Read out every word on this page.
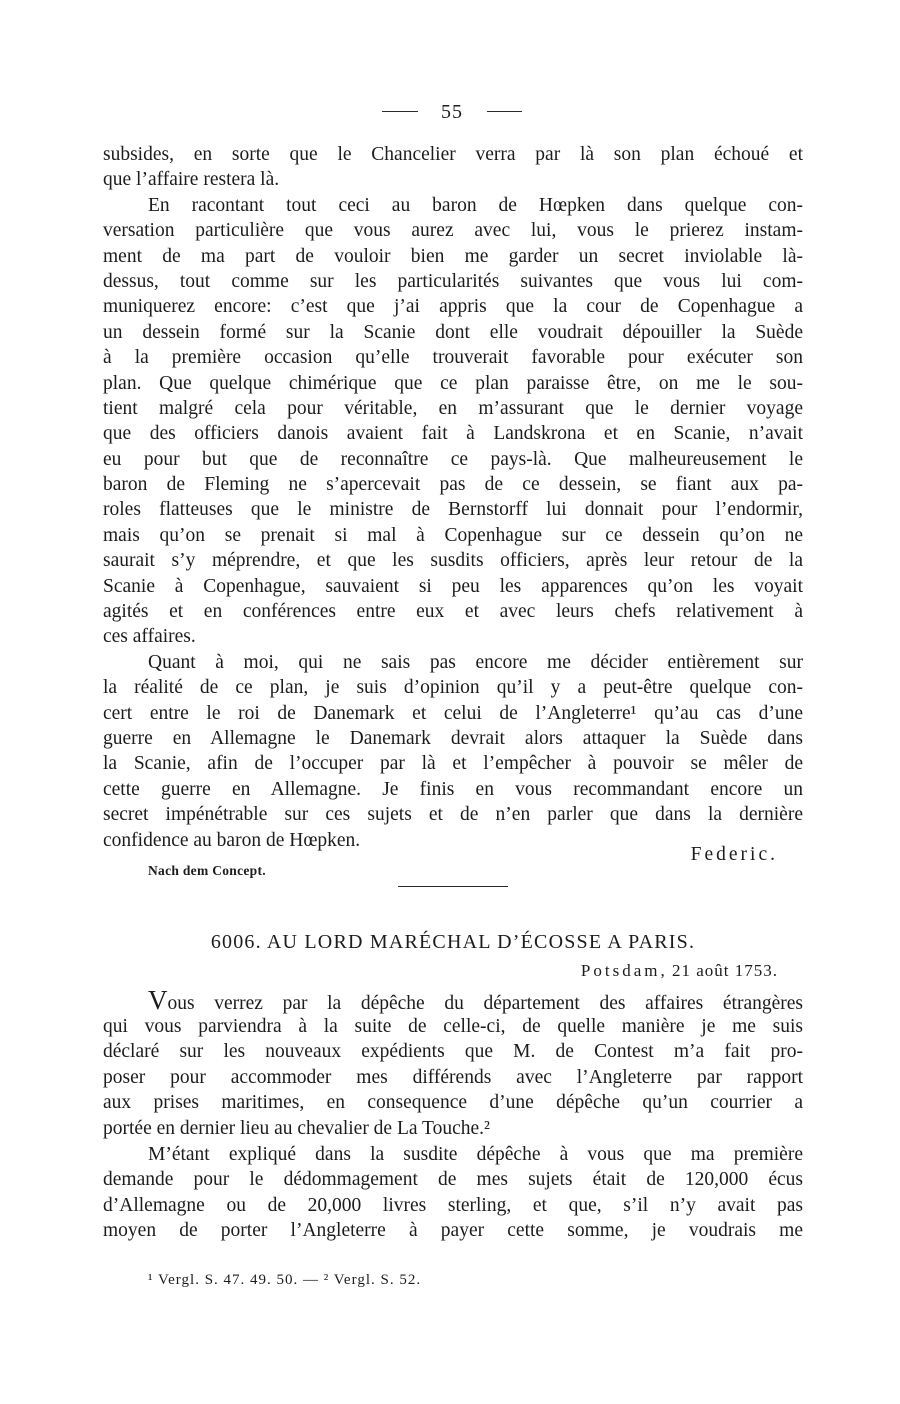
55
subsides, en sorte que le Chancelier verra par là son plan échoué et
que l’affaire restera là.
En racontant tout ceci au baron de Hœpken dans quelque con-
versation particulière que vous aurez avec lui, vous le prierez instam-
ment de ma part de vouloir bien me garder un secret inviolable là-
dessus, tout comme sur les particularités suivantes que vous lui com-
muniquerez encore: c’est que j’ai appris que la cour de Copenhague a
un dessein formé sur la Scanie dont elle voudrait dépouiller la Suède
à la première occasion qu’elle trouverait favorable pour exécuter son
plan. Que quelque chimérique que ce plan paraisse être, on me le sou-
tient malgré cela pour véritable, en m’assurant que le dernier voyage
que des officiers danois avaient fait à Landskrona et en Scanie, n’avait
eu pour but que de reconnaître ce pays-là. Que malheureusement le
baron de Fleming ne s’apercevait pas de ce dessein, se fiant aux pa-
roles flatteuses que le ministre de Bernstorff lui donnait pour l’endormir,
mais qu’on se prenait si mal à Copenhague sur ce dessein qu’on ne
saurait s’y méprendre, et que les susdits officiers, après leur retour de la
Scanie à Copenhague, sauvaient si peu les apparences qu’on les voyait
agités et en conférences entre eux et avec leurs chefs relativement à
ces affaires.
Quant à moi, qui ne sais pas encore me décider entièrement sur
la réalité de ce plan, je suis d’opinion qu’il y a peut-être quelque con-
cert entre le roi de Danemark et celui de l’Angleterre¹ qu’au cas d’une
guerre en Allemagne le Danemark devrait alors attaquer la Suède dans
la Scanie, afin de l’occuper par là et l’empêcher à pouvoir se mêler de
cette guerre en Allemagne. Je finis en vous recommandant encore un
secret impénétrable sur ces sujets et de n’en parler que dans la dernière
confidence au baron de Hœpken.
Federic.
Nach dem Concept.
6006. AU LORD MARÉCHAL D’ÉCOSSE A PARIS.
Potsdam, 21 août 1753.
Vous verrez par la dépêche du département des affaires étrangères
qui vous parviendra à la suite de celle-ci, de quelle manière je me suis
déclaré sur les nouveaux expédients que M. de Contest m’a fait pro-
poser pour accommoder mes différends avec l’Angleterre par rapport
aux prises maritimes, en consequence d’une dépêche qu’un courrier a
portée en dernier lieu au chevalier de La Touche.²
M’étant expliqué dans la susdite dépêche à vous que ma première
demande pour le dédommagement de mes sujets était de 120,000 écus
d’Allemagne ou de 20,000 livres sterling, et que, s’il n’y avait pas
moyen de porter l’Angleterre à payer cette somme, je voudrais me
¹ Vergl. S. 47. 49. 50. — ² Vergl. S. 52.
